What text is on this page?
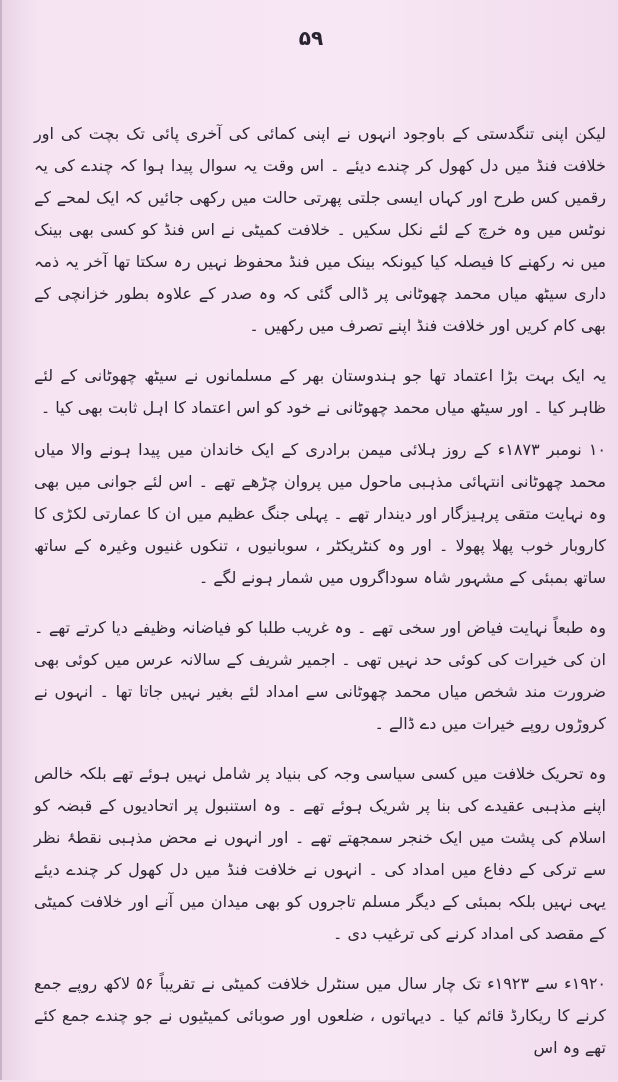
۵۹

لیکن اپنی تنگدستی کے باوجود انہوں نے اپنی کمائی کی آخری پائی تک بچت کی اور خلافت فنڈ میں دل کھول کر چندے دیئے ۔ اس وقت یہ سوال پیدا ہوا کہ چندے کی یہ رقمیں کس طرح اور کہاں ایسی جلتی پھرتی حالت میں رکھی جائیں کہ ایک لمحے کے نوٹس میں وہ خرچ کے لئے نکل سکیں ۔ خلافت کمیٹی نے اس فنڈ کو کسی بھی بینک میں نہ رکھنے کا فیصلہ کیا کیونکہ بینک میں فنڈ محفوظ نہیں رہ سکتا تھا آخر یہ ذمہ داری سیٹھ میاں محمد چھوٹانی پر ڈالی گئی کہ وہ صدر کے علاوہ بطور خزانچی کے بھی کام کریں اور خلافت فنڈ اپنے تصرف میں رکھیں ۔

یہ ایک بہت بڑا اعتماد تھا جو ہندوستان بھر کے مسلمانوں نے سیٹھ چھوٹانی کے لئے ظاہر کیا ۔ اور سیٹھ میاں محمد چھوٹانی نے خود کو اس اعتماد کا اہل ثابت بھی کیا ۔

۱۰ نومبر ۱۸۷۳ء کے روز ہلائی میمن برادری کے ایک خاندان میں پیدا ہونے والا میاں محمد چھوٹانی انتہائی مذہبی ماحول میں پروان چڑھے تھے ۔ اس لئے جوانی میں بھی وہ نہایت متقی پرہیزگار اور دیندار تھے ۔ پہلی جنگ عظیم میں ان کا عمارتی لکڑی کا کاروبار خوب پھلا پھولا ۔ اور وہ کنٹریکٹر ، سوبانیوں ، تنکوں غنیوں وغیرہ کے ساتھ ساتھ بمبئی کے مشہور شاہ سوداگروں میں شمار ہونے لگے ۔

وہ طبعاً نہایت فیاض اور سخی تھے ۔ وہ غریب طلبا کو فیاضانہ وظیفے دیا کرتے تھے ۔ ان کی خیرات کی کوئی حد نہیں تھی ۔ اجمیر شریف کے سالانہ عرس میں کوئی بھی ضرورت مند شخص میاں محمد چھوٹانی سے امداد لئے بغیر نہیں جاتا تھا ۔ انہوں نے کروڑوں روپے خیرات میں دے ڈالے ۔

وہ تحریک خلافت میں کسی سیاسی وجہ کی بنیاد پر شامل نہیں ہوئے تھے بلکہ خالص اپنے مذہبی عقیدے کی بنا پر شریک ہوئے تھے ۔ وہ استنبول پر اتحادیوں کے قبضہ کو اسلام کی پشت میں ایک خنجر سمجھتے تھے ۔ اور انہوں نے محض مذہبی نقطۂ نظر سے ترکی کے دفاع میں امداد کی ۔ انہوں نے خلافت فنڈ میں دل کھول کر چندے دیئے یہی نہیں بلکہ بمبئی کے دیگر مسلم تاجروں کو بھی میدان میں آنے اور خلافت کمیٹی کے مقصد کی امداد کرنے کی ترغیب دی ۔

۱۹۲۰ء سے ۱۹۲۳ء تک چار سال میں سنٹرل خلافت کمیٹی نے تقریباً ۵۶ لاکھ روپے جمع کرنے کا ریکارڈ قائم کیا ۔ دیہاتوں ، ضلعوں اور صوبائی کمیٹیوں نے جو چندے جمع کئے تھے وہ اس
